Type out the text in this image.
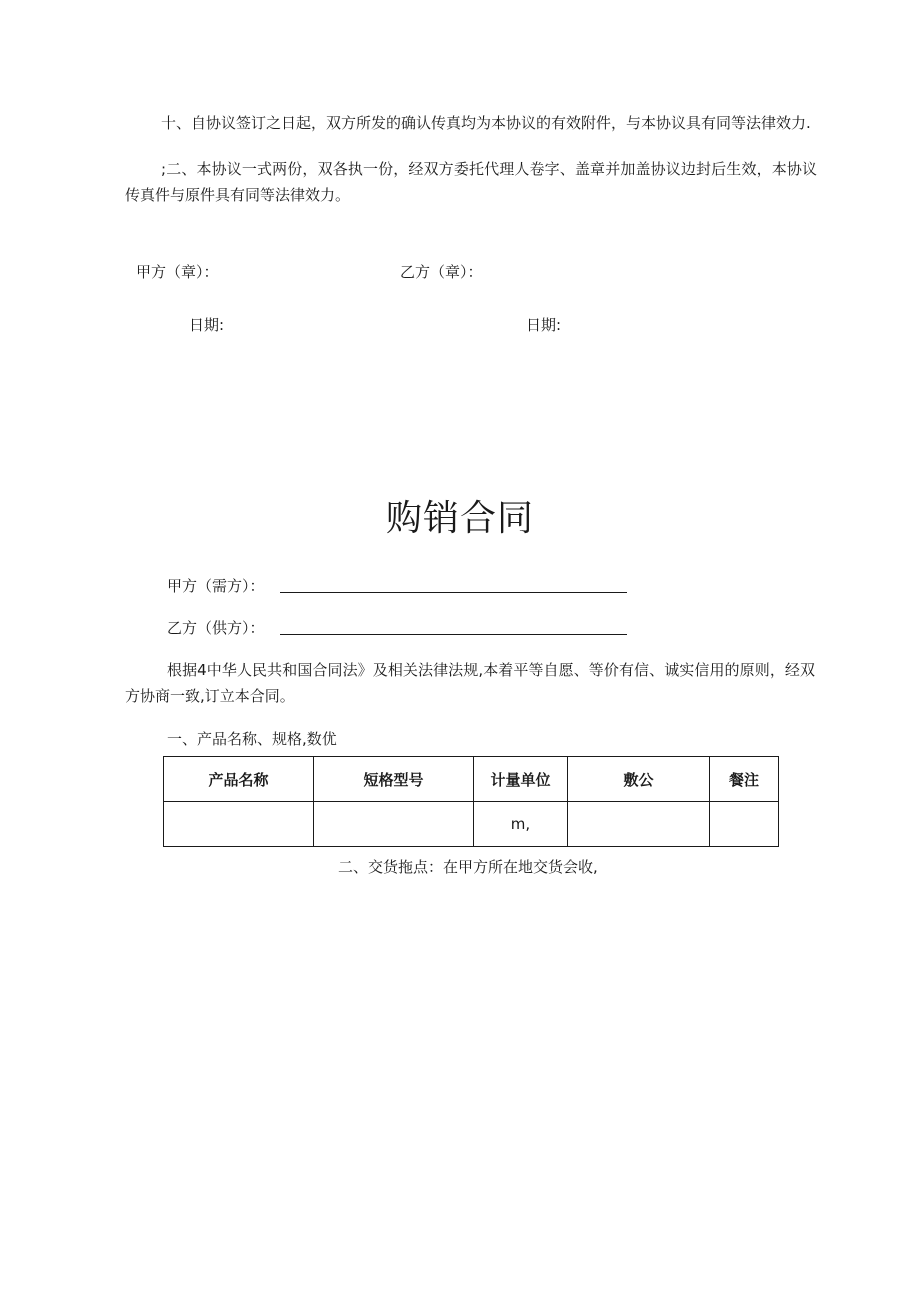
十、自协议签订之日起，双方所发的确认传真均为本协议的有效附件，与本协议具有同等法律效力.
;二、本协议一式两份，双各执一份，经双方委托代理人卷字、盖章并加盖协议边封后生效，本协议传真件与原件具有同等法律效力。
甲方（章）：	乙方（章）：
日期:	日期:
购销合同
甲方（需方）：
乙方（供方）：
根据4中华人民共和国合同法》及相关法律法规,本着平等自愿、等价有信、诚实信用的原则，经双方协商一致,订立本合同。
一、产品名称、规格,数优
产品名称	短格型号	计量单位	敷公	餐注
		m,		
二、交货拖点：在甲方所在地交货会收,
